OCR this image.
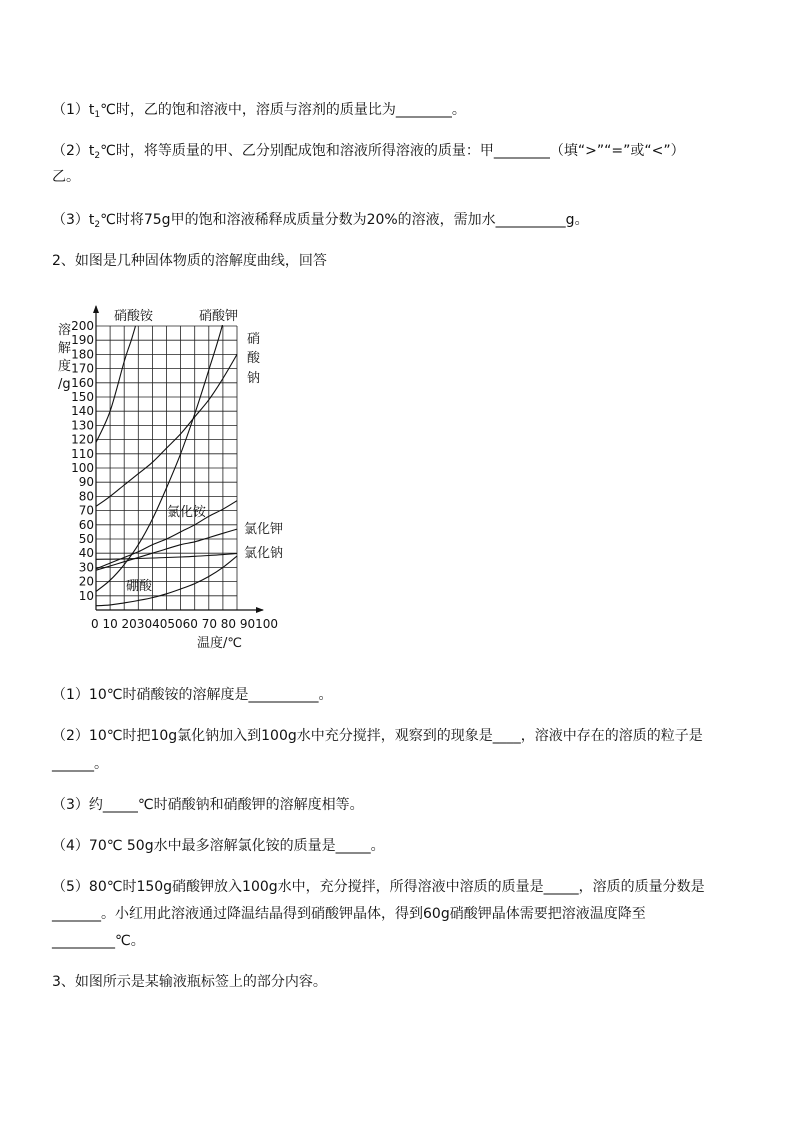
$(1)t_1℃$时，乙的饱和溶液中，溶质与溶剂的质量比为________。
$(2)t_2℃$时，将等质量的甲、乙分别配成饱和溶液所得溶液的质量：甲________（填“>”“=”或“<”）
乙。
$(3)t_2℃$时将75g甲的饱和溶液稀释成质量分数为20%的溶液，需加水__________g。
2、如图是几种固体物质的溶解度曲线，回答
200
190
180
170
160
150
140
130
120
110
100
90
80
70
60
50
40
30
20
10
溶
解
度
/g
硝酸铵	硝酸钾
硝
酸
钠
氯化铵
氯化钾
氯化钠
硼酸
0 10 2030405060 70 80 90100
温度/℃
（1）10℃时硝酸铵的溶解度是__________。
（2）10℃时把10g氯化钠加入到100g水中充分搅拌，观察到的现象是____，溶液中存在的溶质的粒子是
______。
（3）约_____℃时硝酸钠和硝酸钾的溶解度相等。
（4）70℃ 50g水中最多溶解氯化铵的质量是_____。
（5）80℃时150g硝酸钾放入100g水中，充分搅拌，所得溶液中溶质的质量是_____，溶质的质量分数是
_______。小红用此溶液通过降温结晶得到硝酸钾晶体，得到60g硝酸钾晶体需要把溶液温度降至
_________℃。
3、如图所示是某输液瓶标签上的部分内容。
